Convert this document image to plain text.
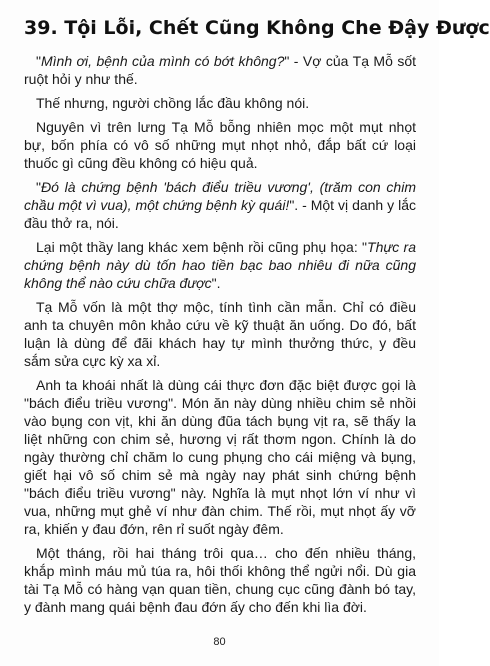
39. Tội Lỗi, Chết Cũng Không Che Đậy Được

"Mình ơi, bệnh của mình có bớt không?" - Vợ của Tạ Mỗ sốt ruột hỏi y như thế.

Thế nhưng, người chồng lắc đầu không nói.

Nguyên vì trên lưng Tạ Mỗ bỗng nhiên mọc một mụt nhọt bự, bốn phía có vô số những mụt nhọt nhỏ, đắp bất cứ loại thuốc gì cũng đều không có hiệu quả.

"Đó là chứng bệnh 'bách điểu triều vương', (trăm con chim chầu một vì vua), một chứng bệnh kỳ quái!". - Một vị danh y lắc đầu thở ra, nói.

Lại một thầy lang khác xem bệnh rồi cũng phụ họa: "Thực ra chứng bệnh này dù tốn hao tiền bạc bao nhiêu đi nữa cũng không thể nào cứu chữa được".

Tạ Mỗ vốn là một thợ mộc, tính tình cần mẫn. Chỉ có điều anh ta chuyên môn khảo cứu về kỹ thuật ăn uống. Do đó, bất luận là dùng để đãi khách hay tự mình thưởng thức, y đều sắm sửa cực kỳ xa xỉ.

Anh ta khoái nhất là dùng cái thực đơn đặc biệt được gọi là "bách điểu triều vương". Món ăn này dùng nhiều chim sẻ nhồi vào bụng con vịt, khi ăn dùng đũa tách bụng vịt ra, sẽ thấy la liệt những con chim sẻ, hương vị rất thơm ngon. Chính là do ngày thường chỉ chăm lo cung phụng cho cái miệng và bụng, giết hại vô số chim sẻ mà ngày nay phát sinh chứng bệnh "bách điểu triều vương" này. Nghĩa là mụt nhọt lớn ví như vì vua, những mụt ghẻ ví như đàn chim. Thế rồi, mụt nhọt ấy vỡ ra, khiến y đau đớn, rên rỉ suốt ngày đêm.

Một tháng, rồi hai tháng trôi qua… cho đến nhiều tháng, khắp mình máu mủ túa ra, hôi thối không thể ngửi nổi. Dù gia tài Tạ Mỗ có hàng vạn quan tiền, chung cục cũng đành bó tay, y đành mang quái bệnh đau đớn ấy cho đến khi lìa đời.

80
